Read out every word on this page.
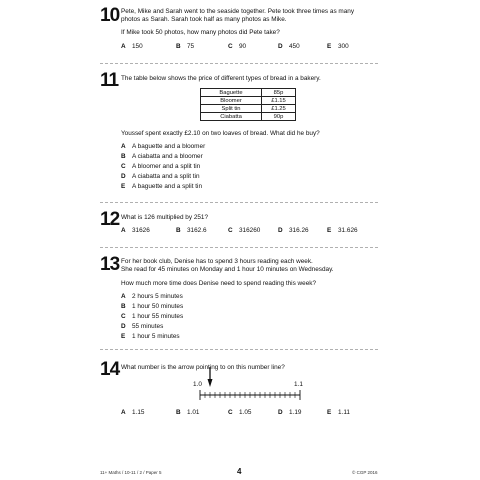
10 Pete, Mike and Sarah went to the seaside together. Pete took three times as many
photos as Sarah. Sarah took half as many photos as Mike.
If Mike took 50 photos, how many photos did Pete take?
A 150	B 75	C 90	D 450	E 300
11 The table below shows the price of different types of bread in a bakery.
Baguette	85p
Bloomer	£1.15
Split tin	£1.25
Ciabatta	90p
Youssef spent exactly £2.10 on two loaves of bread. What did he buy?
A A baguette and a bloomer
B A ciabatta and a bloomer
C A bloomer and a split tin
D A ciabatta and a split tin
E A baguette and a split tin
12 What is 126 multiplied by 251?
A 31626	B 3162.6	C 316260	D 316.26	E 31.626
13 For her book club, Denise has to spend 3 hours reading each week.
She read for 45 minutes on Monday and 1 hour 10 minutes on Wednesday.
How much more time does Denise need to spend reading this week?
A 2 hours 5 minutes
B 1 hour 50 minutes
C 1 hour 55 minutes
D 55 minutes
E 1 hour 5 minutes
14 What number is the arrow pointing to on this number line?
1.0	1.1
A 1.15	B 1.01	C 1.05	D 1.19	E 1.11
11+ Maths / 10-11 / 2 / Paper 5	4	© CGP 2016
